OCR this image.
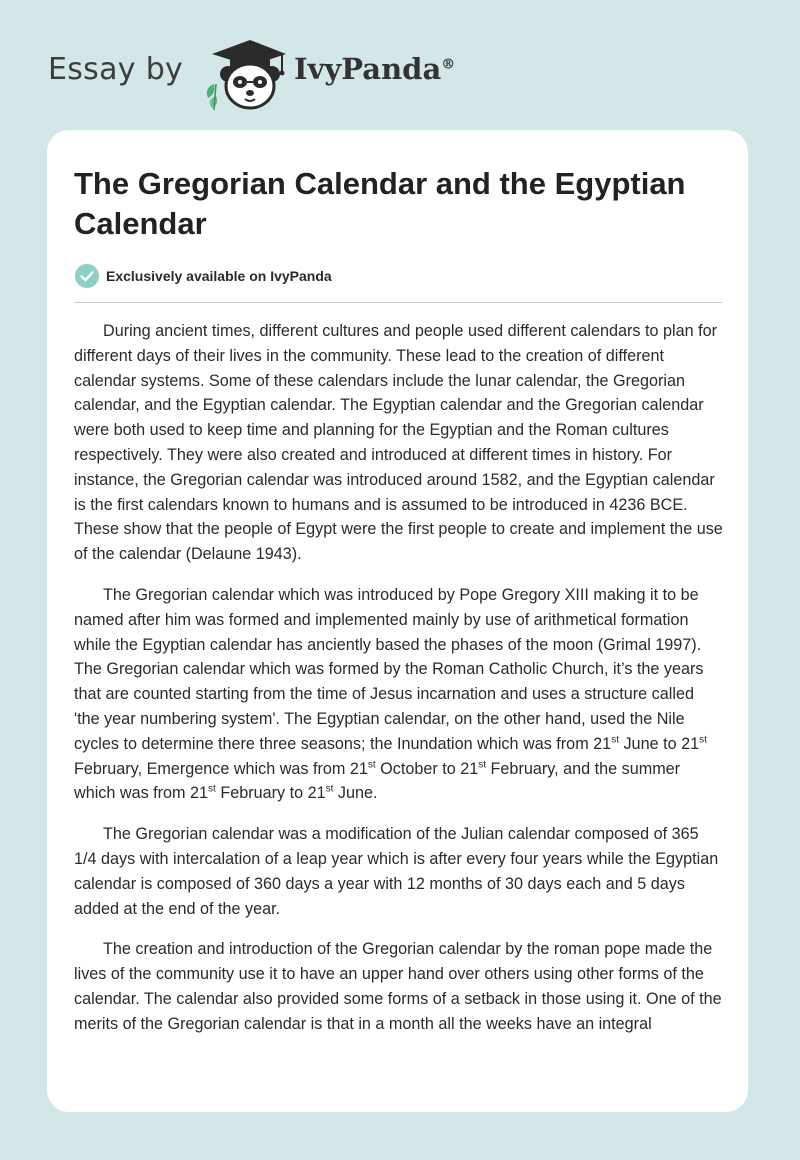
Essay by	IvyPanda®
The Gregorian Calendar and the Egyptian Calendar
Exclusively available on IvyPanda

During ancient times, different cultures and people used different calendars to plan for different days of their lives in the community. These lead to the creation of different calendar systems. Some of these calendars include the lunar calendar, the Gregorian calendar, and the Egyptian calendar. The Egyptian calendar and the Gregorian calendar were both used to keep time and planning for the Egyptian and the Roman cultures respectively. They were also created and introduced at different times in history. For instance, the Gregorian calendar was introduced around 1582, and the Egyptian calendar is the first calendars known to humans and is assumed to be introduced in 4236 BCE. These show that the people of Egypt were the first people to create and implement the use of the calendar (Delaune 1943).

The Gregorian calendar which was introduced by Pope Gregory XIII making it to be named after him was formed and implemented mainly by use of arithmetical formation while the Egyptian calendar has anciently based the phases of the moon (Grimal 1997). The Gregorian calendar which was formed by the Roman Catholic Church, it’s the years that are counted starting from the time of Jesus incarnation and uses a structure called 'the year numbering system'. The Egyptian calendar, on the other hand, used the Nile cycles to determine there three seasons; the Inundation which was from 21st June to 21st February, Emergence which was from 21st October to 21st February, and the summer which was from 21st February to 21st June.

The Gregorian calendar was a modification of the Julian calendar composed of 365 1/4 days with intercalation of a leap year which is after every four years while the Egyptian calendar is composed of 360 days a year with 12 months of 30 days each and 5 days added at the end of the year.

The creation and introduction of the Gregorian calendar by the roman pope made the lives of the community use it to have an upper hand over others using other forms of the calendar. The calendar also provided some forms of a setback in those using it. One of the merits of the Gregorian calendar is that in a month all the weeks have an integral
